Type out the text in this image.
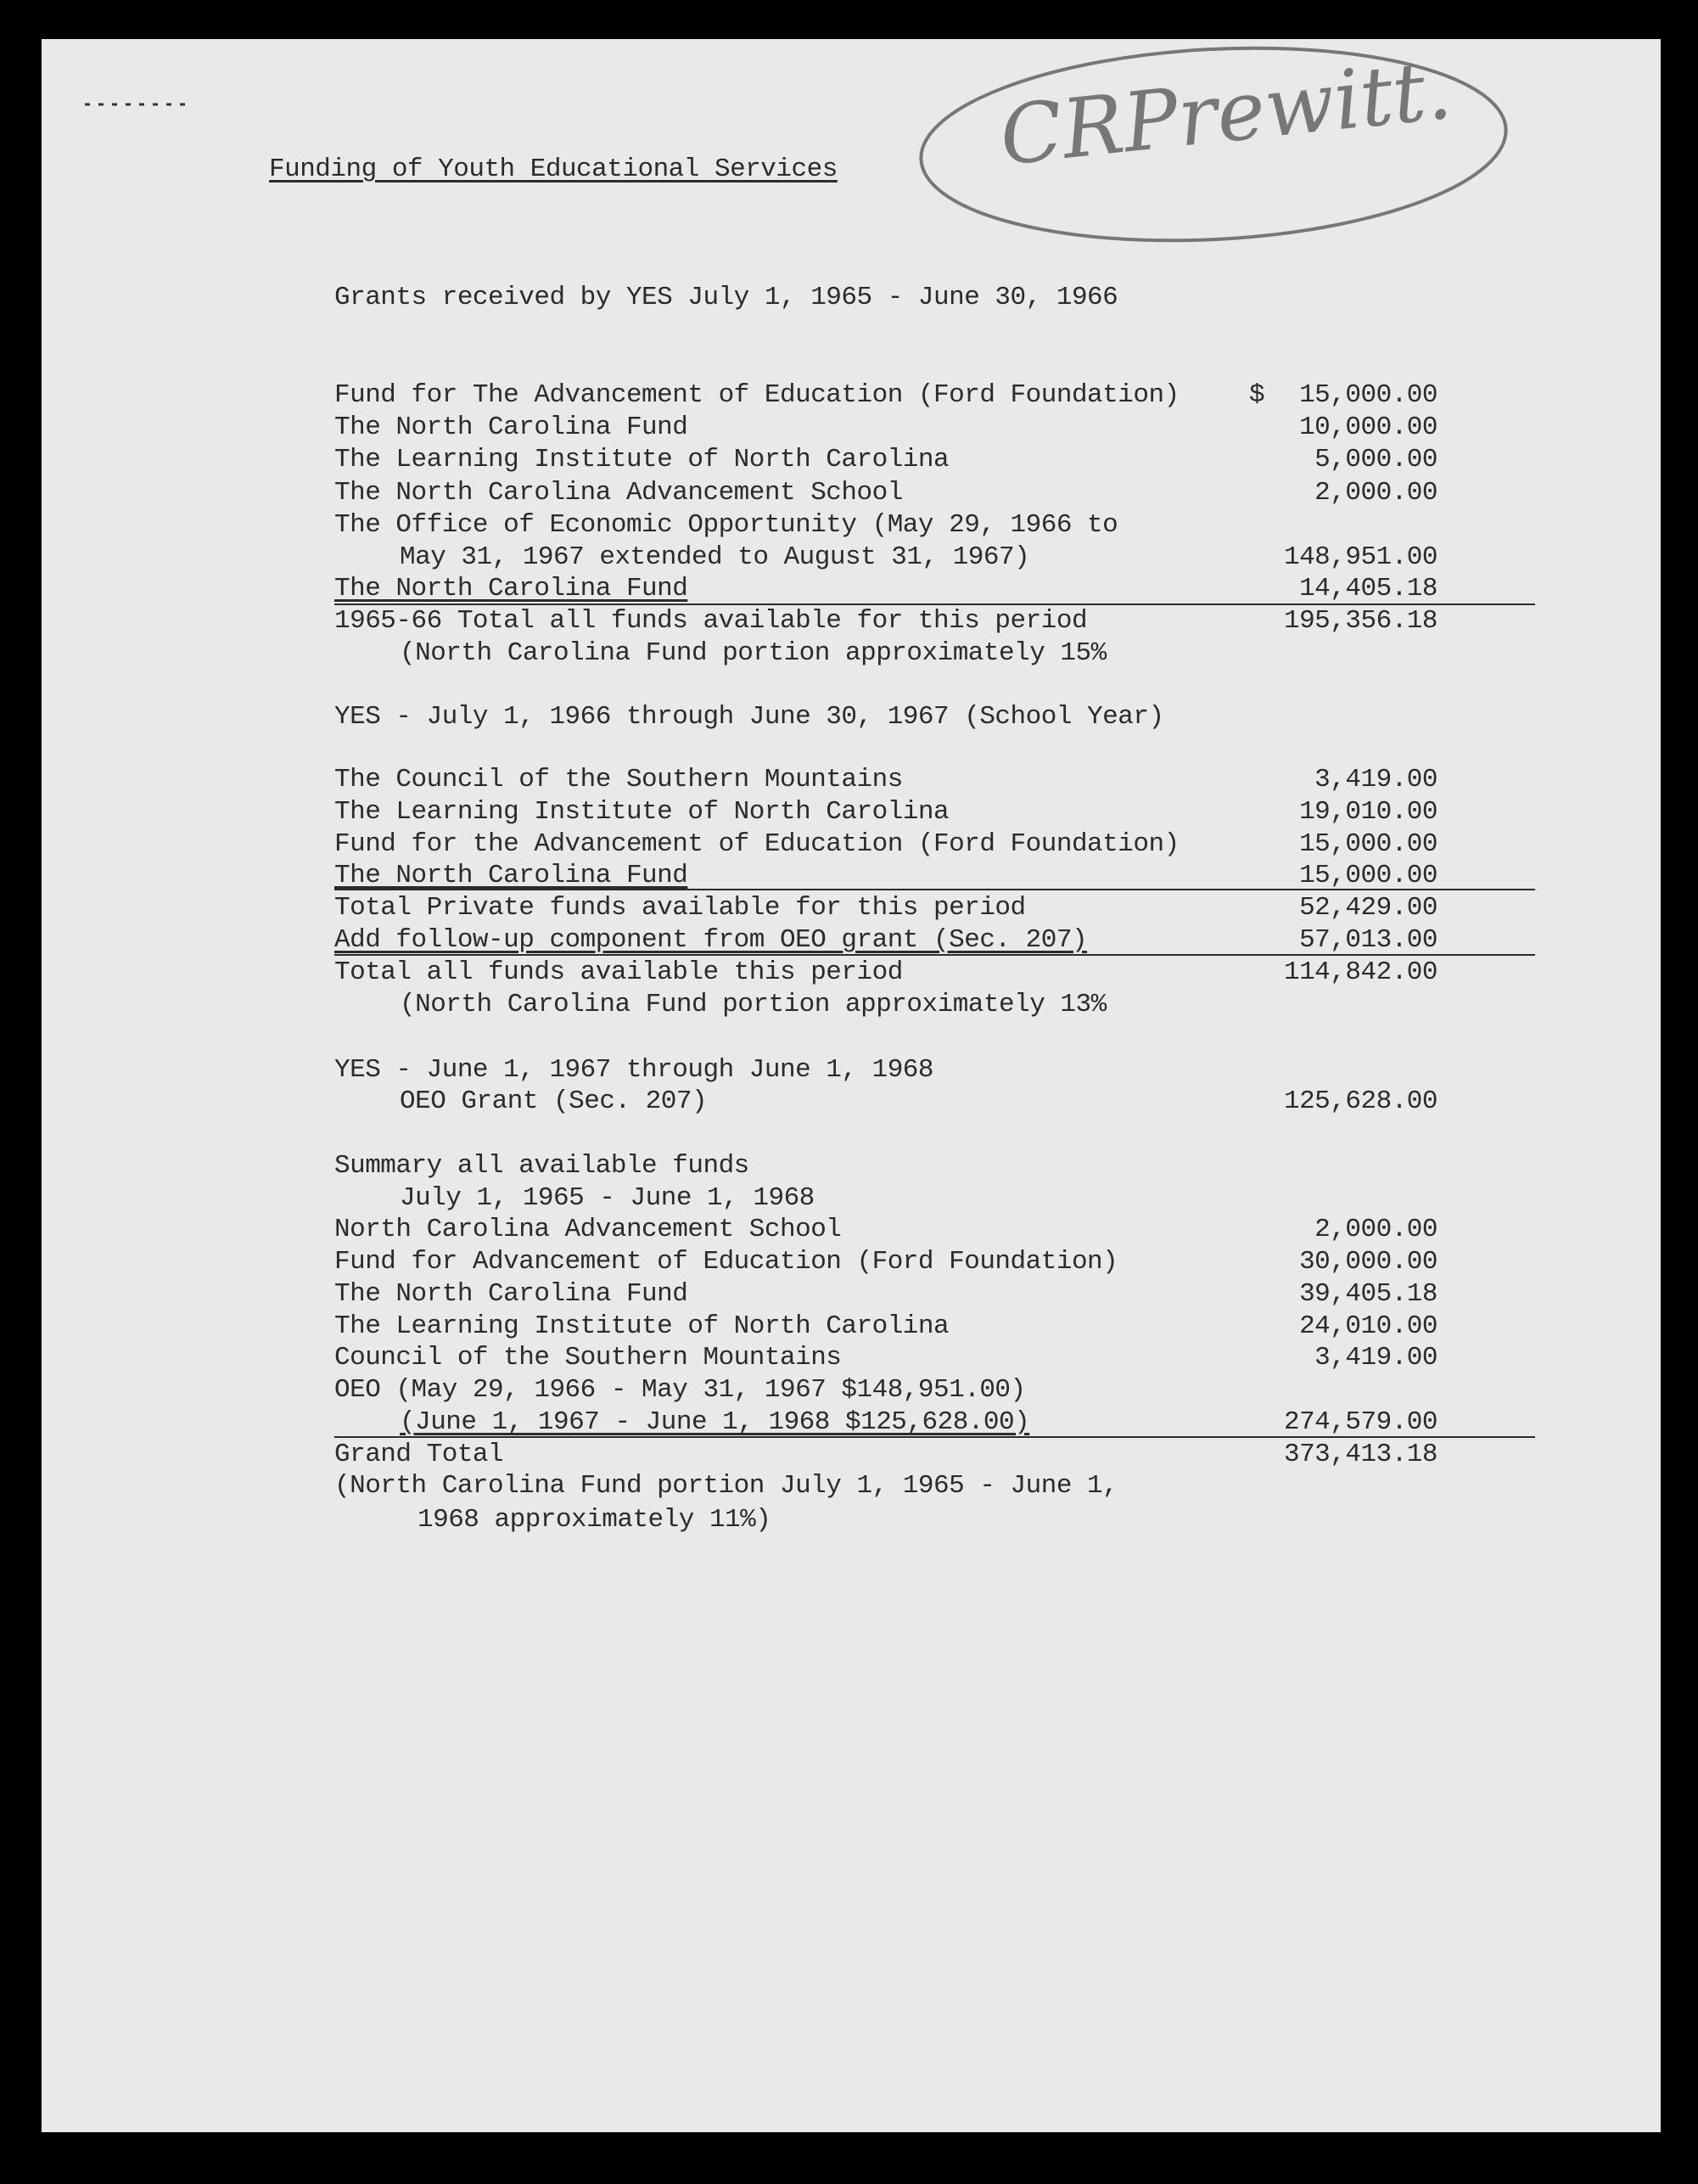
CRPrewitt.
Funding of Youth Educational Services
Grants received by YES July 1, 1965 - June 30, 1966
$
Fund for The Advancement of Education (Ford Foundation)	15,000.00
The North Carolina Fund	10,000.00
The Learning Institute of North Carolina	5,000.00
The North Carolina Advancement School	2,000.00
The Office of Economic Opportunity (May 29, 1966 to
May 31, 1967 extended to August 31, 1967)	148,951.00
The North Carolina Fund	14,405.18
1965-66 Total all funds available for this period	195,356.18
(North Carolina Fund portion approximately 15%
YES - July 1, 1966 through June 30, 1967 (School Year)
The Council of the Southern Mountains	3,419.00
The Learning Institute of North Carolina	19,010.00
Fund for the Advancement of Education (Ford Foundation)	15,000.00
The North Carolina Fund	15,000.00
Total Private funds available for this period	52,429.00
Add follow-up component from OEO grant (Sec. 207)	57,013.00
Total all funds available this period	114,842.00
(North Carolina Fund portion approximately 13%
YES - June 1, 1967 through June 1, 1968
OEO Grant (Sec. 207)	125,628.00
Summary all available funds
July 1, 1965 - June 1, 1968
North Carolina Advancement School	2,000.00
Fund for Advancement of Education (Ford Foundation)	30,000.00
The North Carolina Fund	39,405.18
The Learning Institute of North Carolina	24,010.00
Council of the Southern Mountains	3,419.00
OEO (May 29, 1966 - May 31, 1967 $148,951.00)
(June 1, 1967 - June 1, 1968 $125,628.00)	274,579.00
Grand Total	373,413.18
(North Carolina Fund portion July 1, 1965 - June 1,
1968 approximately 11%)
